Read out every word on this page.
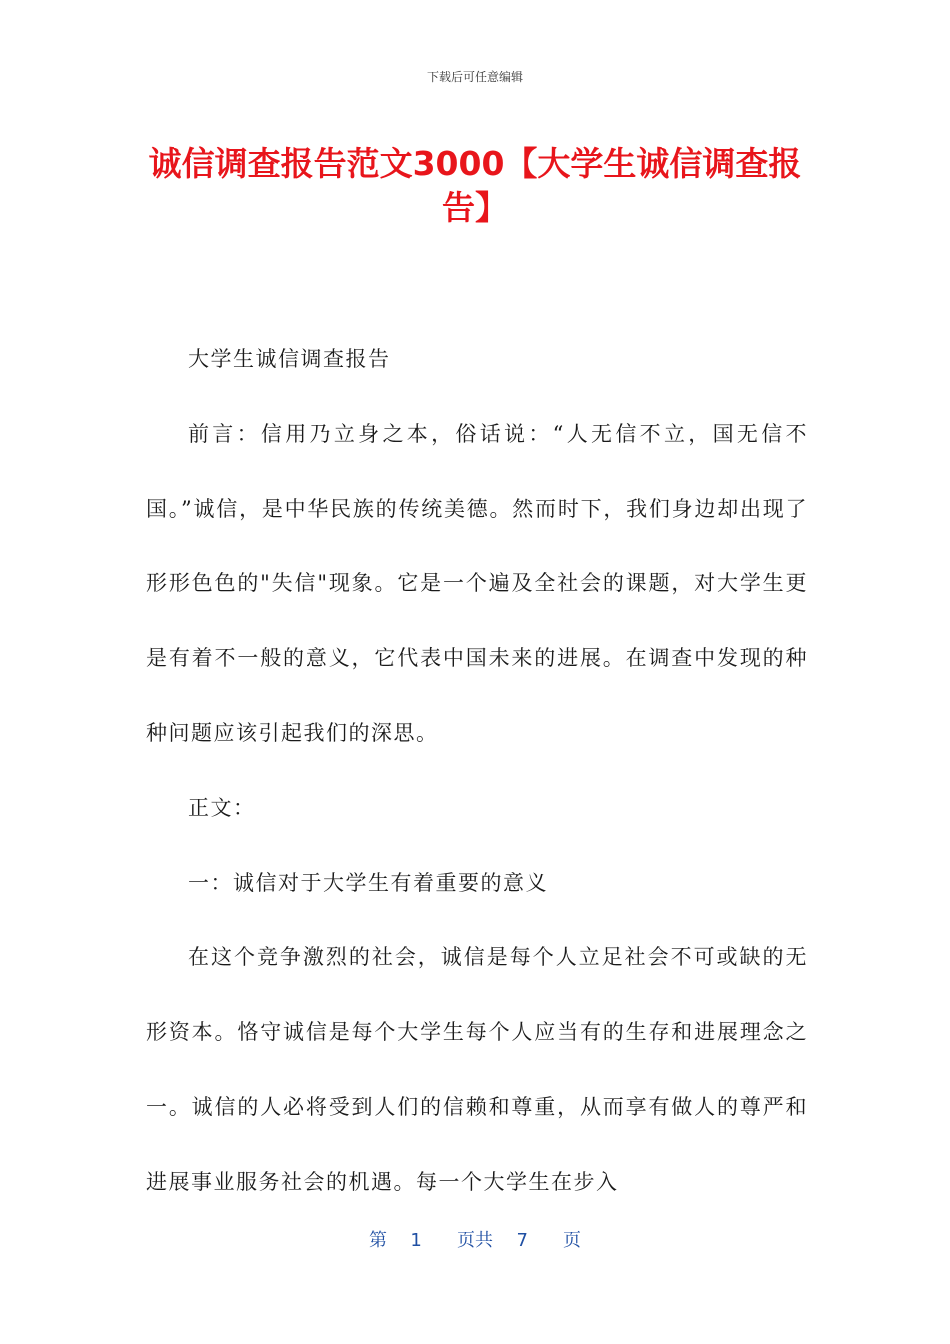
下载后可任意编辑
诚信调查报告范文3000【大学生诚信调查报告】

大学生诚信调查报告

前言：信用乃立身之本，俗话说：“人无信不立，国无信不国。”诚信，是中华民族的传统美德。然而时下，我们身边却出现了形形色色的"失信"现象。它是一个遍及全社会的课题，对大学生更是有着不一般的意义，它代表中国未来的进展。在调查中发现的种种问题应该引起我们的深思。

正文：

一：诚信对于大学生有着重要的意义

在这个竞争激烈的社会，诚信是每个人立足社会不可或缺的无形资本。恪守诚信是每个大学生每个人应当有的生存和进展理念之一。诚信的人必将受到人们的信赖和尊重，从而享有做人的尊严和进展事业服务社会的机遇。每一个大学生在步入

第  1   页共  7   页
